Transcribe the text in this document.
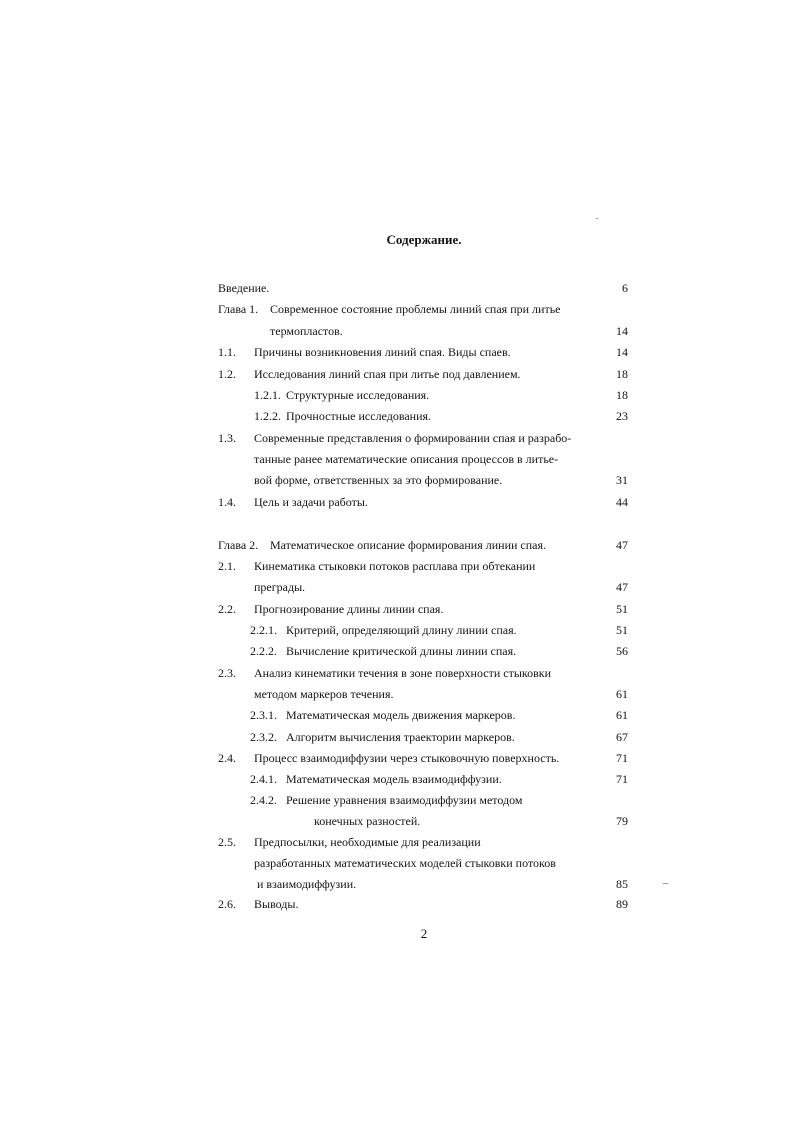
Содержание.
Введение.	6
Глава 1. Современное состояние проблемы линий спая при литье
термопластов.	14
1.1. Причины возникновения линий спая. Виды спаев.	14
1.2. Исследования линий спая при литье под давлением.	18
1.2.1. Структурные исследования.	18
1.2.2. Прочностные исследования.	23
1.3. Современные представления о формировании спая и разрабо-
танные ранее математические описания процессов в литье-
вой форме, ответственных за это формирование.	31
1.4. Цель и задачи работы.	44
Глава 2. Математическое описание формирования линии спая.	47
2.1. Кинематика стыковки потоков расплава при обтекании
преграды.	47
2.2. Прогнозирование длины линии спая.	51
2.2.1. Критерий, определяющий длину линии спая.	51
2.2.2. Вычисление критической длины линии спая.	56
2.3. Анализ кинематики течения в зоне поверхности стыковки
методом маркеров течения.	61
2.3.1. Математическая модель движения маркеров.	61
2.3.2. Алгоритм вычисления траектории маркеров.	67
2.4. Процесс взаимодиффузии через стыковочную поверхность.	71
2.4.1. Математическая модель взаимодиффузии.	71
2.4.2. Решение уравнения взаимодиффузии методом
конечных разностей.	79
2.5. Предпосылки, необходимые для реализации
разработанных математических моделей стыковки потоков
и взаимодиффузии.	85
2.6. Выводы.	89
2
